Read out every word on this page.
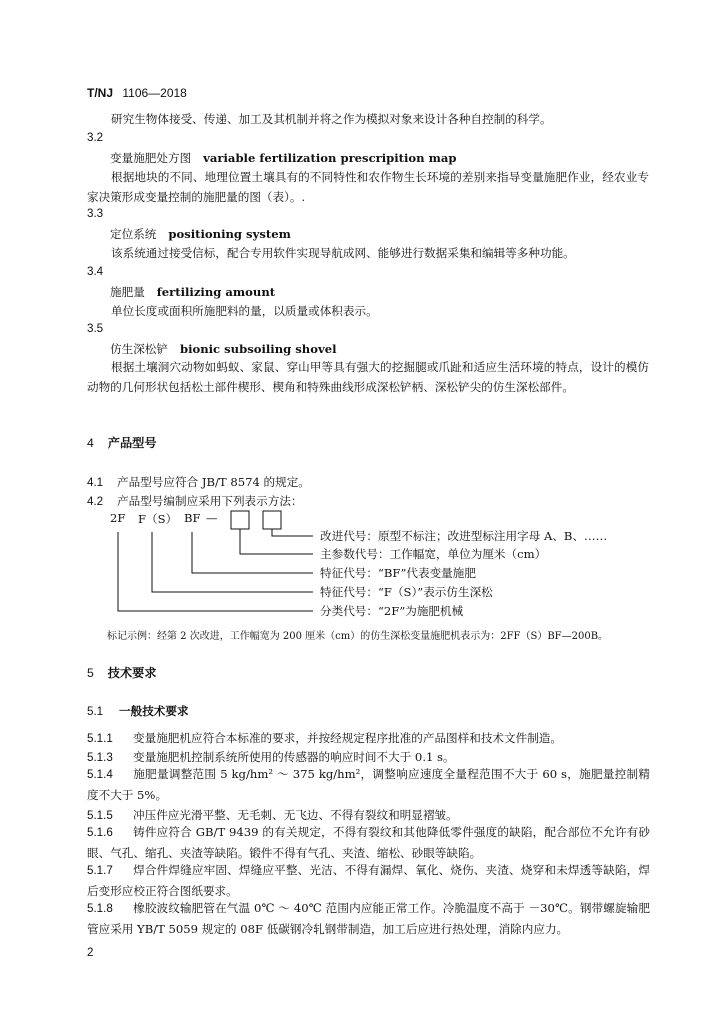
T/NJ 1106—2018
研究生物体接受、传递、加工及其机制并将之作为模拟对象来设计各种自控制的科学。
3.2
变量施肥处方图 variable fertilization prescripition map
根据地块的不同、地理位置土壤具有的不同特性和农作物生长环境的差别来指导变量施肥作业，经农业专家决策形成变量控制的施肥量的图（表）。.
3.3
定位系统 positioning system
该系统通过接受信标，配合专用软件实现导航成网、能够进行数据采集和编辑等多种功能。
3.4
施肥量 fertilizing amount
单位长度或面积所施肥料的量，以质量或体积表示。
3.5
仿生深松铲 bionic subsoiling shovel
根据土壤洞穴动物如蚂蚁、家鼠、穿山甲等具有强大的挖掘腿或爪趾和适应生活环境的特点，设计的模仿动物的几何形状包括松土部件楔形、楔角和特殊曲线形成深松铲柄、深松铲尖的仿生深松部件。
4 产品型号
4.1 产品型号应符合 JB/T 8574 的规定。
4.2 产品型号编制应采用下列表示方法：
2F F（S） BF —
改进代号：原型不标注；改进型标注用字母 A、B、……
主参数代号：工作幅宽，单位为厘米（cm）
特征代号：“BF”代表变量施肥
特征代号：“F（S）”表示仿生深松
分类代号：“2F”为施肥机械
标记示例：经第 2 次改进，工作幅宽为 200 厘米（cm）的仿生深松变量施肥机表示为：2FF（S）BF—200B。
5 技术要求
5.1 一般技术要求
5.1.1 变量施肥机应符合本标准的要求，并按经规定程序批准的产品图样和技术文件制造。
5.1.3 变量施肥机控制系统所使用的传感器的响应时间不大于 0.1 s。
5.1.4 施肥量调整范围 5 kg/hm² ～ 375 kg/hm²，调整响应速度全量程范围不大于 60 s，施肥量控制精度不大于 5%。
5.1.5 冲压件应光滑平整、无毛刺、无飞边、不得有裂纹和明显褶皱。
5.1.6 铸件应符合 GB/T 9439 的有关规定，不得有裂纹和其他降低零件强度的缺陷，配合部位不允许有砂眼、气孔、缩孔、夹渣等缺陷。锻件不得有气孔、夹渣、缩松、砂眼等缺陷。
5.1.7 焊合件焊缝应牢固、焊缝应平整、光洁、不得有漏焊、氧化、烧伤、夹渣、烧穿和未焊透等缺陷，焊后变形应校正符合图纸要求。
5.1.8 橡胶波纹输肥管在气温 0℃ ～ 40℃ 范围内应能正常工作。冷脆温度不高于 －30℃。钢带螺旋输肥管应采用 YB/T 5059 规定的 08F 低碳钢冷轧钢带制造，加工后应进行热处理，消除内应力。
2
